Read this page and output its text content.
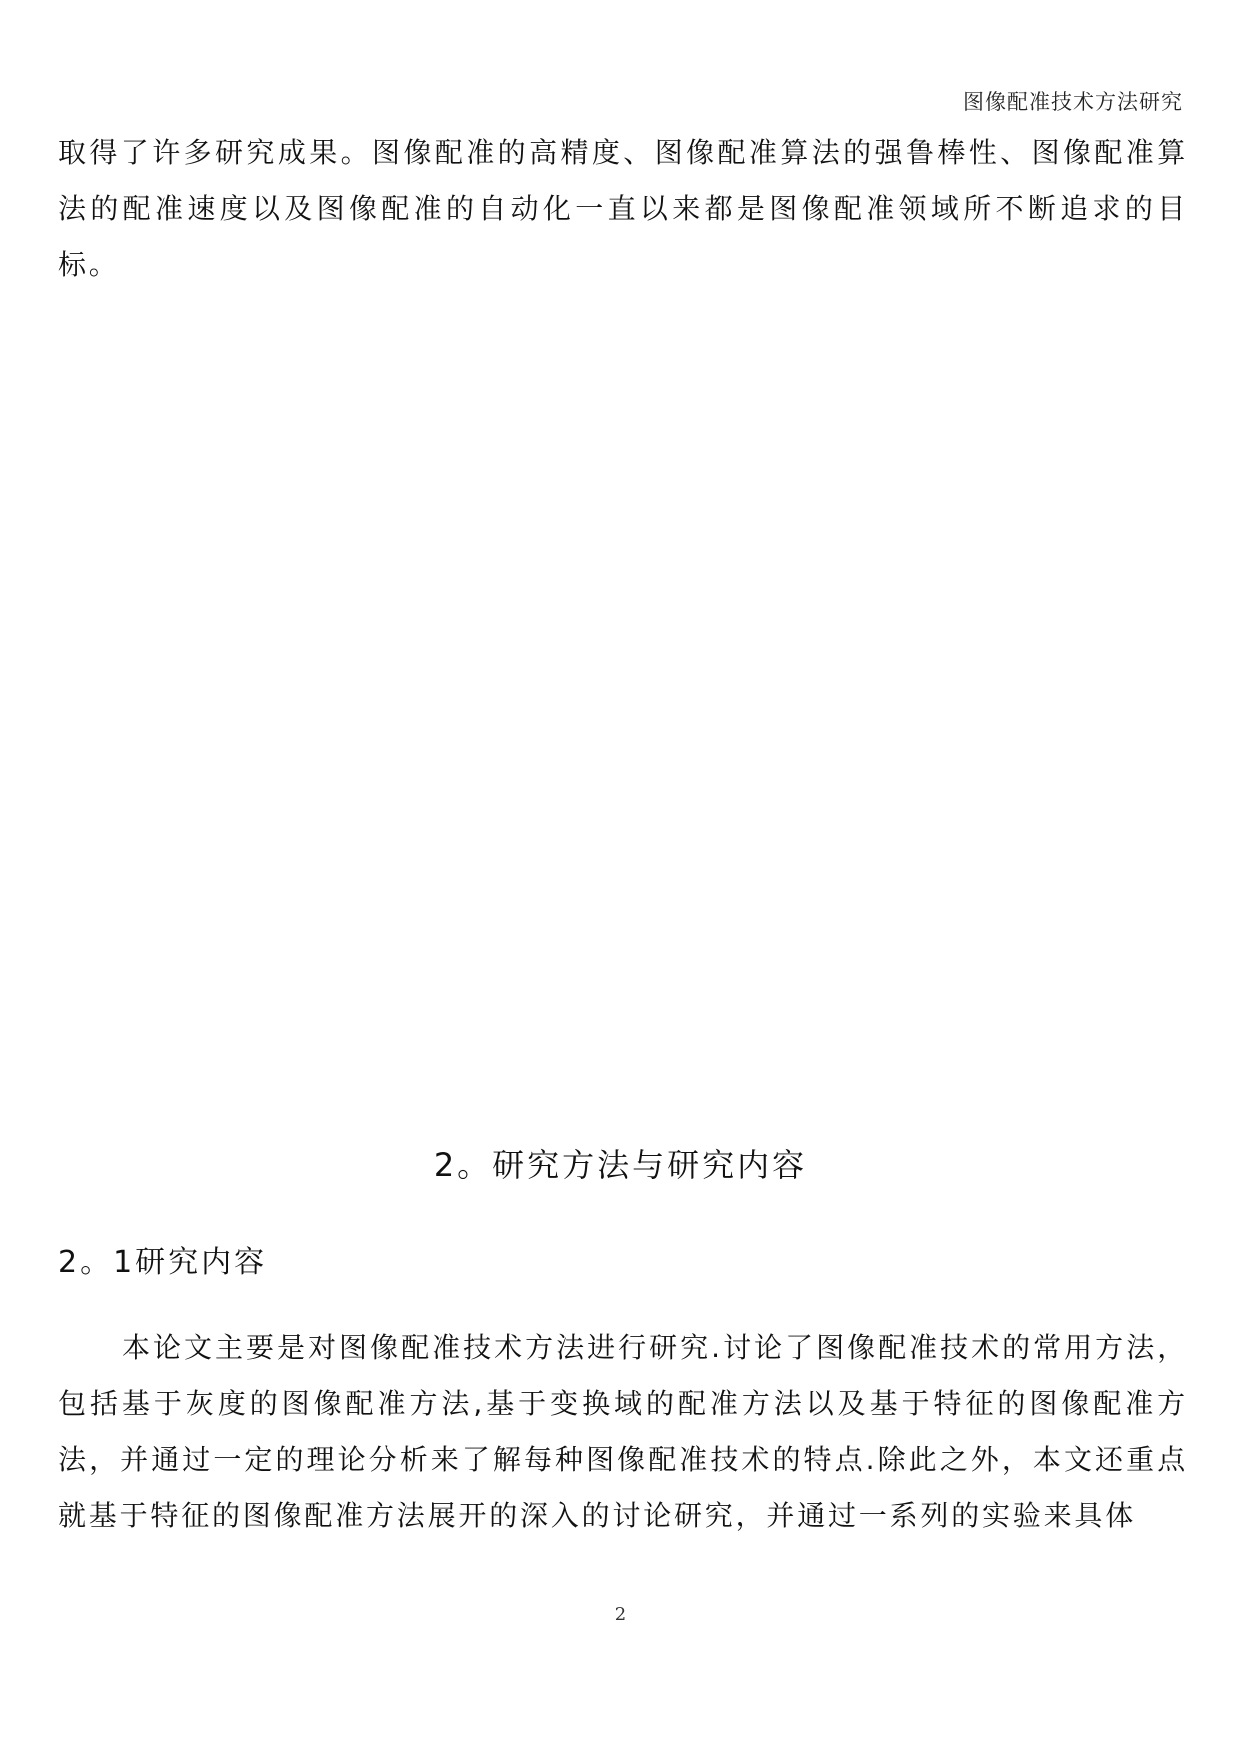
图像配准技术方法研究

取得了许多研究成果。图像配准的高精度、图像配准算法的强鲁棒性、图像配准算法的配准速度以及图像配准的自动化一直以来都是图像配准领域所不断追求的目标。

2。研究方法与研究内容
2。1研究内容

本论文主要是对图像配准技术方法进行研究.讨论了图像配准技术的常用方法，包括基于灰度的图像配准方法,基于变换域的配准方法以及基于特征的图像配准方法，并通过一定的理论分析来了解每种图像配准技术的特点.除此之外，本文还重点就基于特征的图像配准方法展开的深入的讨论研究，并通过一系列的实验来具体

2
